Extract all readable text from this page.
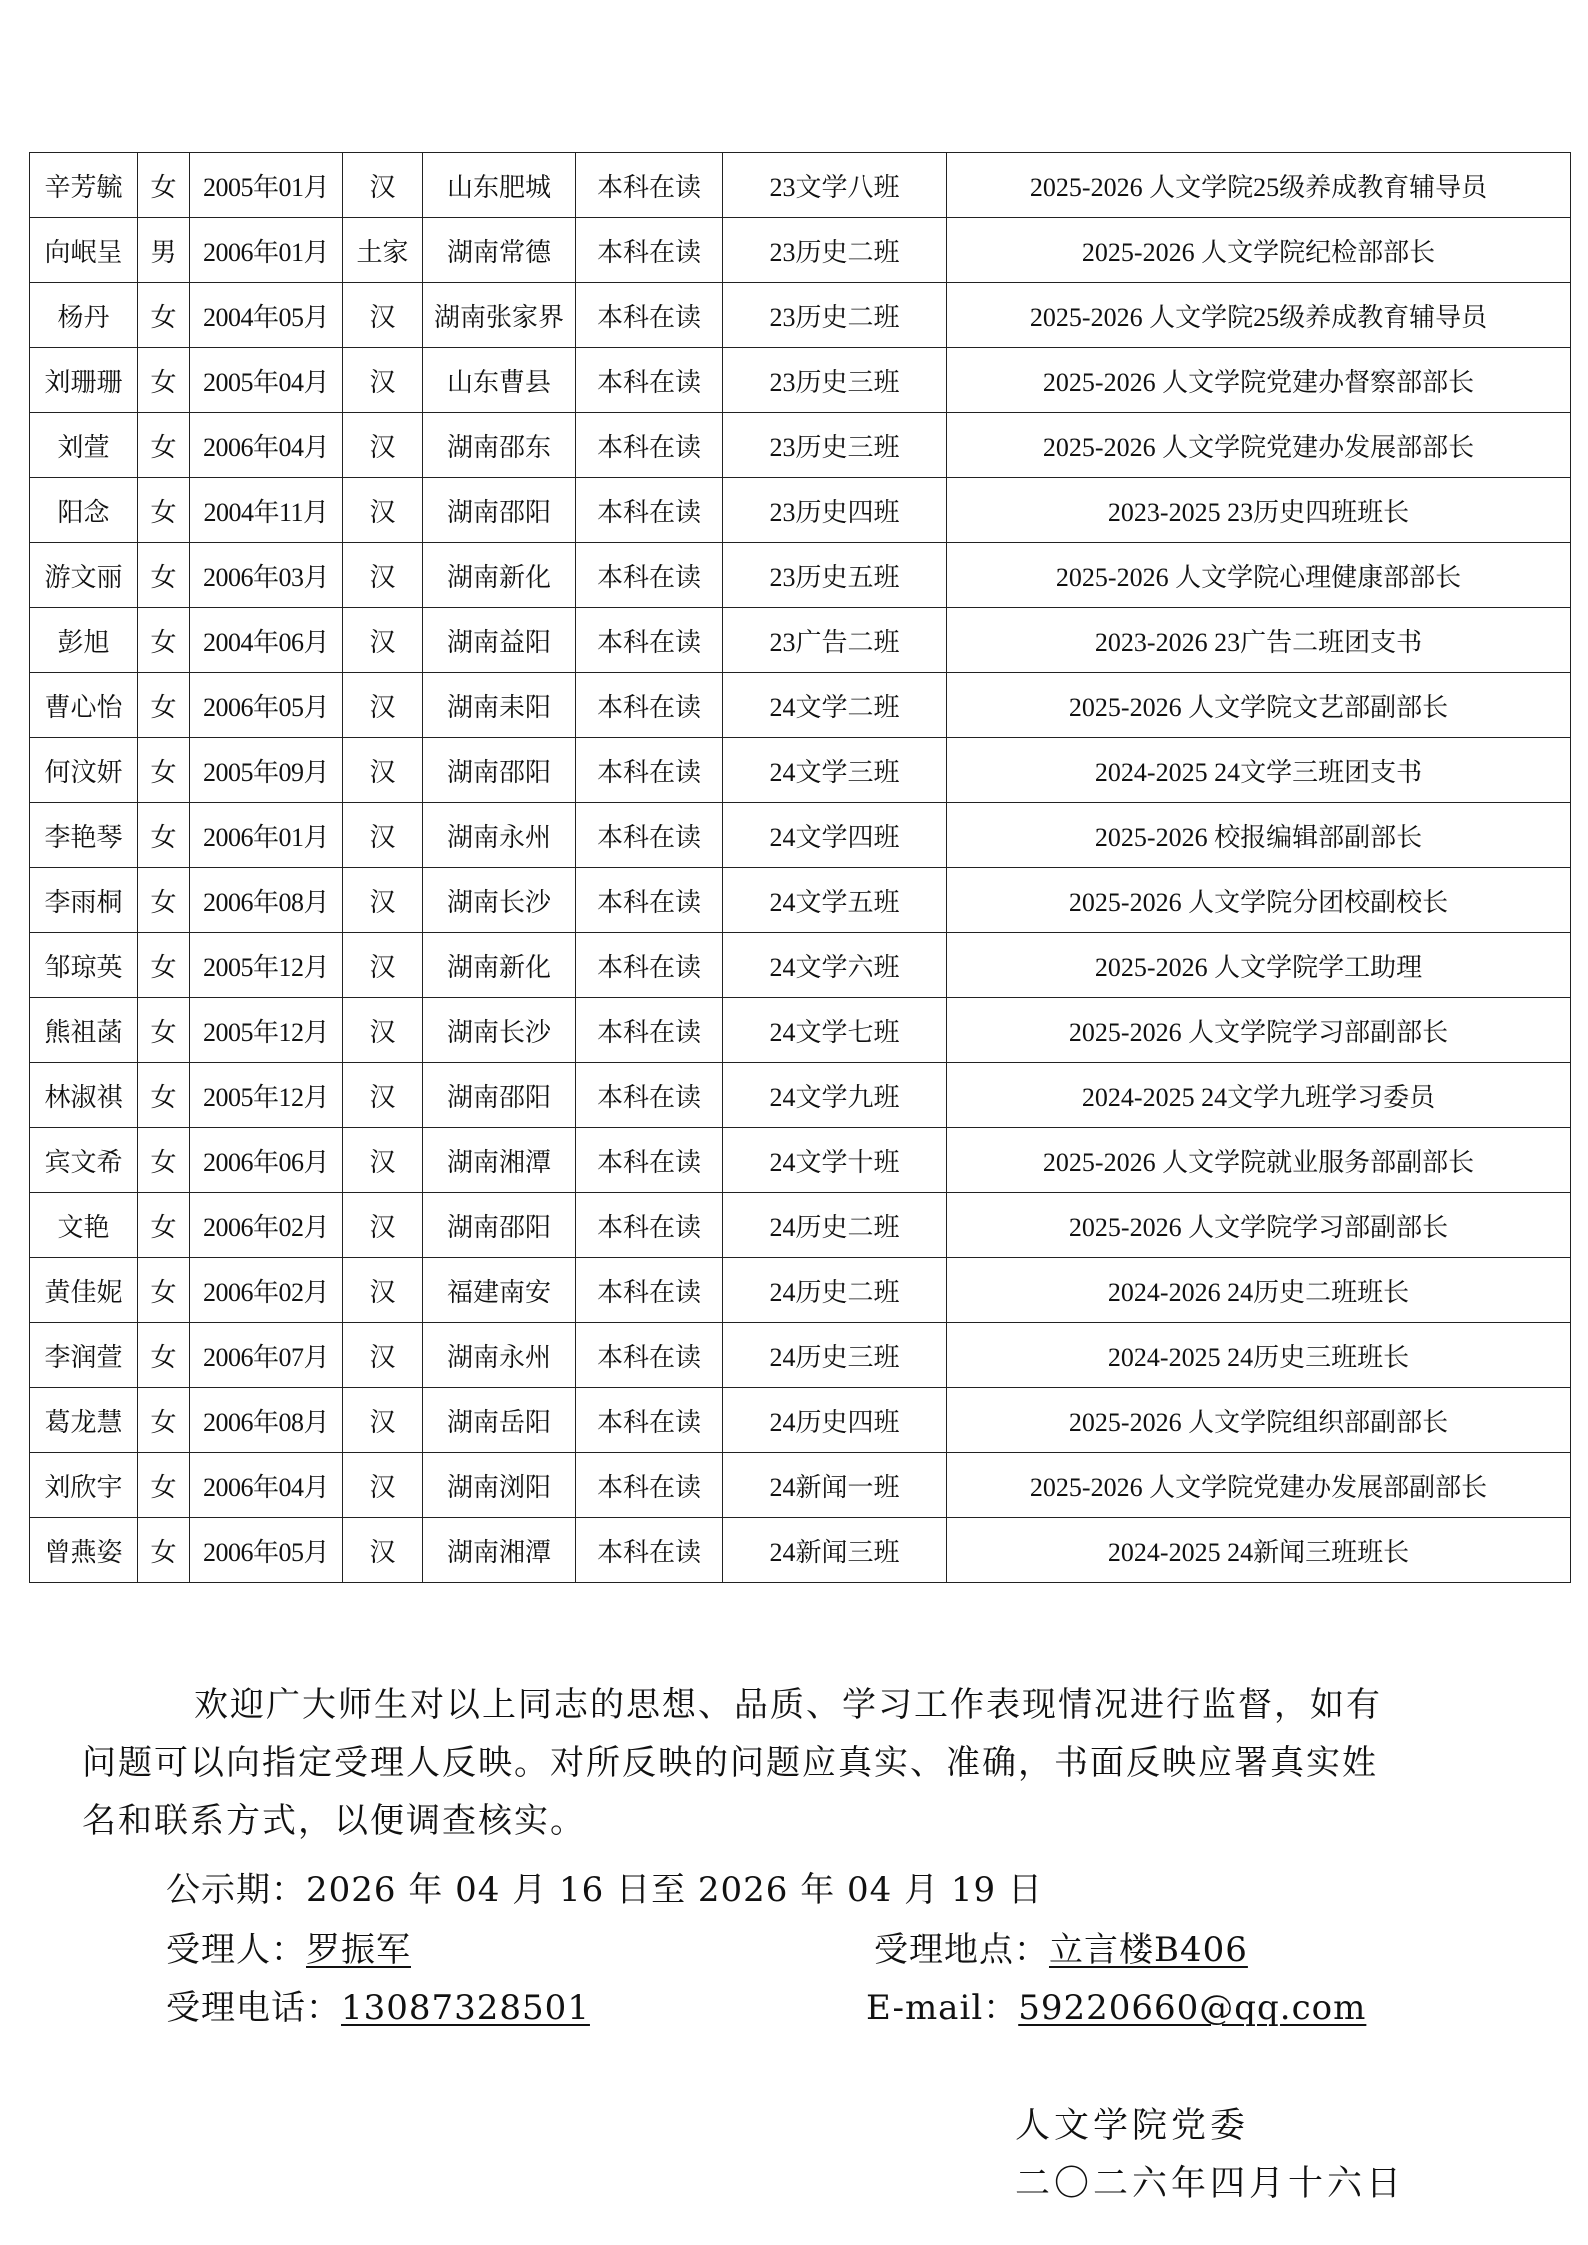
辛芳毓	女	2005年01月	汉	山东肥城	本科在读	23文学八班	2025-2026 人文学院25级养成教育辅导员
向岷呈	男	2006年01月	土家	湖南常德	本科在读	23历史二班	2025-2026 人文学院纪检部部长
杨丹	女	2004年05月	汉	湖南张家界	本科在读	23历史二班	2025-2026 人文学院25级养成教育辅导员
刘珊珊	女	2005年04月	汉	山东曹县	本科在读	23历史三班	2025-2026 人文学院党建办督察部部长
刘萱	女	2006年04月	汉	湖南邵东	本科在读	23历史三班	2025-2026 人文学院党建办发展部部长
阳念	女	2004年11月	汉	湖南邵阳	本科在读	23历史四班	2023-2025 23历史四班班长
游文丽	女	2006年03月	汉	湖南新化	本科在读	23历史五班	2025-2026 人文学院心理健康部部长
彭旭	女	2004年06月	汉	湖南益阳	本科在读	23广告二班	2023-2026 23广告二班团支书
曹心怡	女	2006年05月	汉	湖南耒阳	本科在读	24文学二班	2025-2026 人文学院文艺部副部长
何汶妍	女	2005年09月	汉	湖南邵阳	本科在读	24文学三班	2024-2025 24文学三班团支书
李艳琴	女	2006年01月	汉	湖南永州	本科在读	24文学四班	2025-2026 校报编辑部副部长
李雨桐	女	2006年08月	汉	湖南长沙	本科在读	24文学五班	2025-2026 人文学院分团校副校长
邹琼英	女	2005年12月	汉	湖南新化	本科在读	24文学六班	2025-2026 人文学院学工助理
熊祖菡	女	2005年12月	汉	湖南长沙	本科在读	24文学七班	2025-2026 人文学院学习部副部长
林淑祺	女	2005年12月	汉	湖南邵阳	本科在读	24文学九班	2024-2025 24文学九班学习委员
宾文希	女	2006年06月	汉	湖南湘潭	本科在读	24文学十班	2025-2026 人文学院就业服务部副部长
文艳	女	2006年02月	汉	湖南邵阳	本科在读	24历史二班	2025-2026 人文学院学习部副部长
黄佳妮	女	2006年02月	汉	福建南安	本科在读	24历史二班	2024-2026 24历史二班班长
李润萱	女	2006年07月	汉	湖南永州	本科在读	24历史三班	2024-2025 24历史三班班长
葛龙慧	女	2006年08月	汉	湖南岳阳	本科在读	24历史四班	2025-2026 人文学院组织部副部长
刘欣宇	女	2006年04月	汉	湖南浏阳	本科在读	24新闻一班	2025-2026 人文学院党建办发展部副部长
曾燕姿	女	2006年05月	汉	湖南湘潭	本科在读	24新闻三班	2024-2025 24新闻三班班长
欢迎广大师生对以上同志的思想、品质、学习工作表现情况进行监督，如有
问题可以向指定受理人反映。对所反映的问题应真实、准确，书面反映应署真实姓
名和联系方式，以便调查核实。
公示期：2026 年 04 月 16 日至 2026 年 04 月 19 日
受理人：罗振军	受理地点：立言楼B406
受理电话：13087328501	E-mail：59220660@qq.com
人文学院党委
二〇二六年四月十六日
